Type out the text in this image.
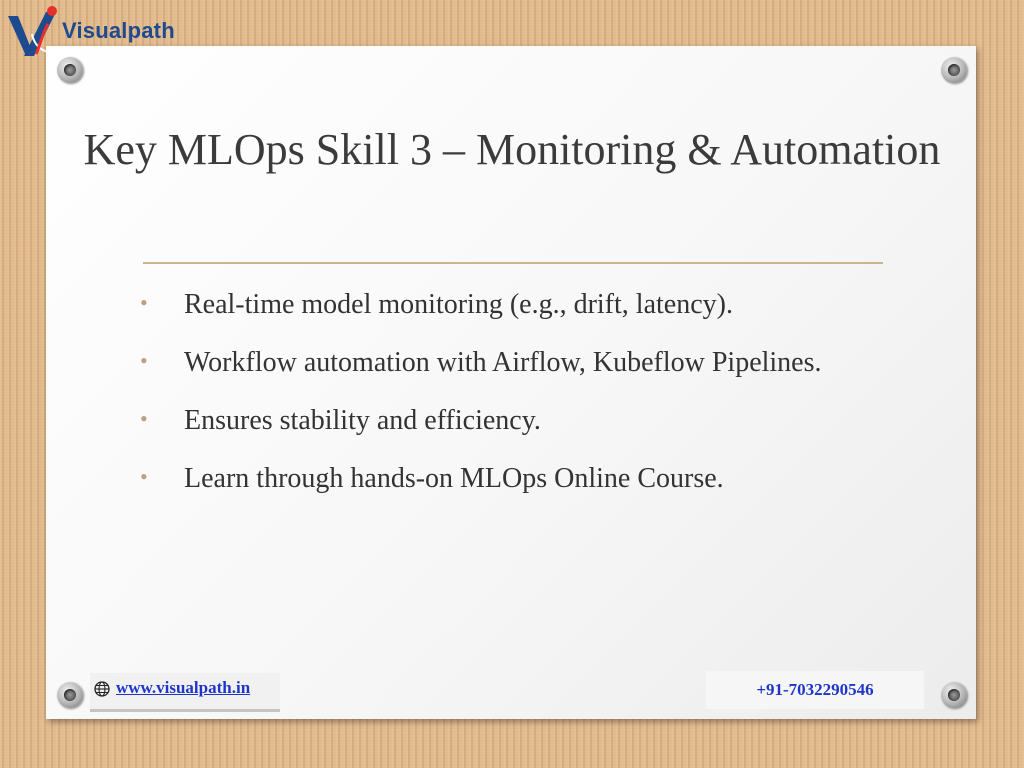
Visualpath
Key MLOps Skill 3 – Monitoring & Automation
•	Real-time model monitoring (e.g., drift, latency).
•	Workflow automation with Airflow, Kubeflow Pipelines.
•	Ensures stability and efficiency.
•	Learn through hands-on MLOps Online Course.
www.visualpath.in	+91-7032290546
